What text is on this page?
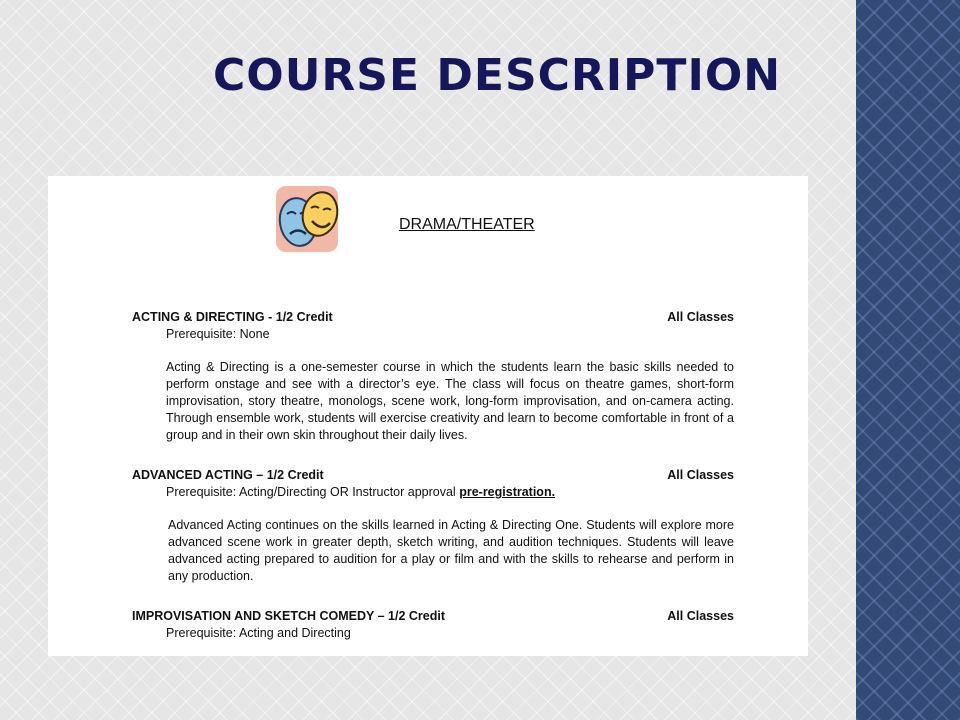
COURSE DESCRIPTION
DRAMA/THEATER
ACTING & DIRECTING - 1/2 Credit	All Classes
Prerequisite: None
Acting & Directing is a one-semester course in which the students learn the basic skills needed to perform onstage and see with a director’s eye. The class will focus on theatre games, short-form improvisation, story theatre, monologs, scene work, long-form improvisation, and on-camera acting. Through ensemble work, students will exercise creativity and learn to become comfortable in front of a group and in their own skin throughout their daily lives.
ADVANCED ACTING – 1/2 Credit	All Classes
Prerequisite: Acting/Directing OR Instructor approval pre-registration.
Advanced Acting continues on the skills learned in Acting & Directing One. Students will explore more advanced scene work in greater depth, sketch writing, and audition techniques. Students will leave advanced acting prepared to audition for a play or film and with the skills to rehearse and perform in any production.
IMPROVISATION AND SKETCH COMEDY – 1/2 Credit	All Classes
Prerequisite: Acting and Directing
